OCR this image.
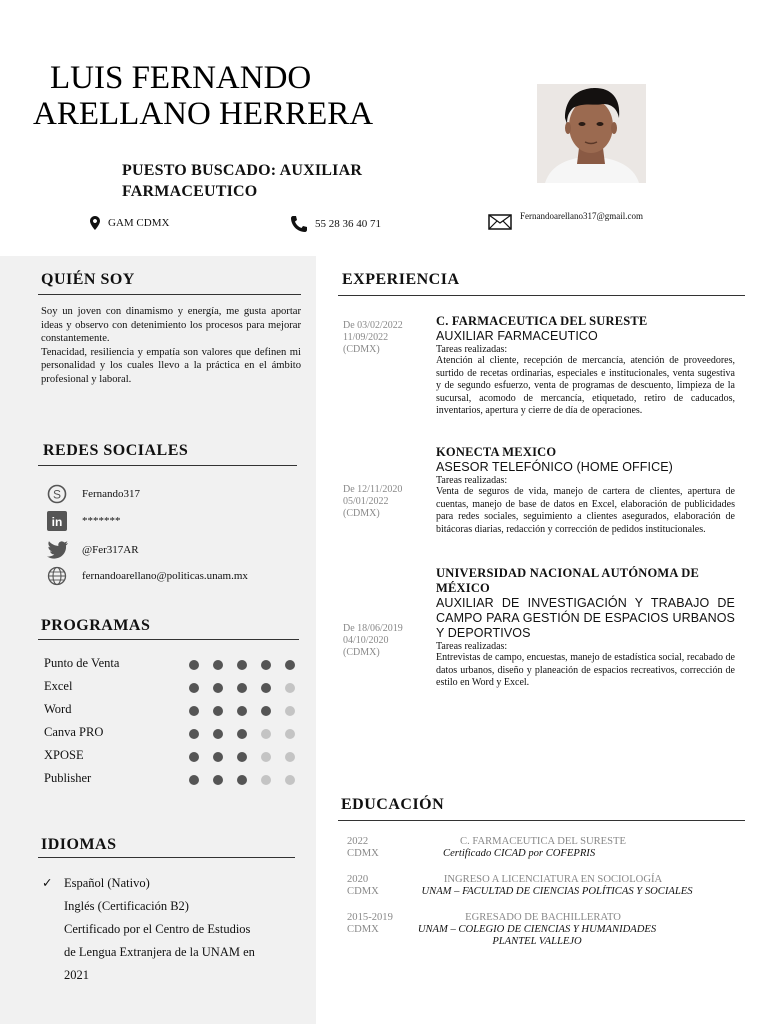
LUIS FERNANDO
ARELLANO HERRERA
PUESTO BUSCADO: AUXILIAR FARMACEUTICO
GAM CDMX	55 28 36 40 71
Fernandoarellano317@gmail.com
QUIÉN SOY

Soy un joven con dinamismo y energía, me gusta aportar ideas y observo con detenimiento los procesos para mejorar constantemente.

Tenacidad, resiliencia y empatía son valores que definen mi personalidad y los cuales llevo a la práctica en el ámbito profesional y laboral.

REDES SOCIALES
S Fernando317
in *******
@Fer317AR
fernandoarellano@politicas.unam.mx
PROGRAMAS
Punto de Venta
Excel
Word
Canva PRO
XPOSE
Publisher
IDIOMAS
✓ Español (Nativo)
Inglés (Certificación B2)
Certificado por el Centro de Estudios
de Lengua Extranjera de la UNAM en
2021
EXPERIENCIA
De 03/02/2022
11/09/2022
(CDMX)
C. FARMACEUTICA DEL SURESTE
AUXILIAR FARMACEUTICO
Tareas realizadas:
Atención al cliente, recepción de mercancía, atención de proveedores, surtido de recetas ordinarias, especiales e institucionales, venta sugestiva y de segundo esfuerzo, venta de programas de descuento, limpieza de la sucursal, acomodo de mercancía, etiquetado, retiro de caducados, inventarios, apertura y cierre de día de operaciones.
De 12/11/2020
05/01/2022
(CDMX)
KONECTA MEXICO
ASESOR TELEFÓNICO (HOME OFFICE)
Tareas realizadas:
Venta de seguros de vida, manejo de cartera de clientes, apertura de cuentas, manejo de base de datos en Excel, elaboración de publicidades para redes sociales, seguimiento a clientes asegurados, elaboración de bitácoras diarias, redacción y corrección de pedidos institucionales.
De 18/06/2019
04/10/2020
(CDMX)
UNIVERSIDAD NACIONAL AUTÓNOMA DE MÉXICO
AUXILIAR DE INVESTIGACIÓN Y TRABAJO DE CAMPO PARA GESTIÓN DE ESPACIOS URBANOS Y DEPORTIVOS
Tareas realizadas:
Entrevistas de campo, encuestas, manejo de estadística social, recabado de datos urbanos, diseño y planeación de espacios recreativos, corrección de estilo en Word y Excel.
EDUCACIÓN
2022
CDMX
C. FARMACEUTICA DEL SURESTE
Certificado CICAD por COFEPRIS
2020
CDMX
INGRESO A LICENCIATURA EN SOCIOLOGÍA
UNAM – FACULTAD DE CIENCIAS POLÍTICAS Y SOCIALES
2015-2019
CDMX
EGRESADO DE BACHILLERATO
UNAM – COLEGIO DE CIENCIAS Y HUMANIDADES
PLANTEL VALLEJO
